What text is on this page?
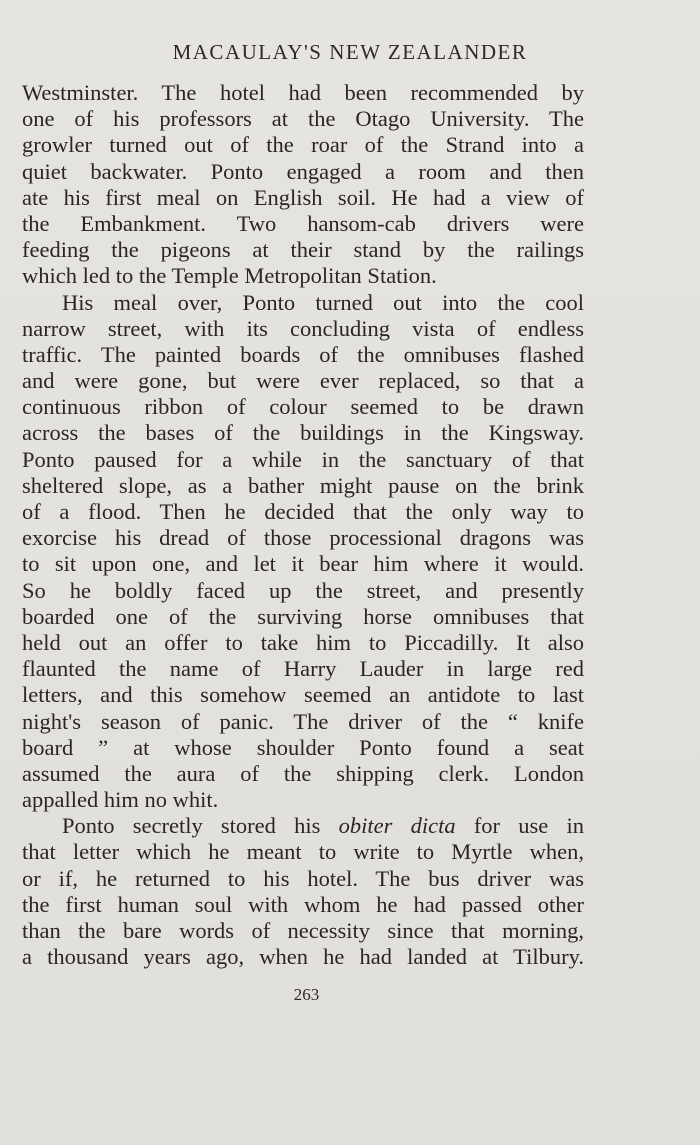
MACAULAY'S NEW ZEALANDER
Westminster. The hotel had been recommended by
one of his professors at the Otago University. The
growler turned out of the roar of the Strand into a
quiet backwater. Ponto engaged a room and then
ate his first meal on English soil. He had a view of
the Embankment. Two hansom-cab drivers were
feeding the pigeons at their stand by the railings
which led to the Temple Metropolitan Station.
His meal over, Ponto turned out into the cool
narrow street, with its concluding vista of endless
traffic. The painted boards of the omnibuses flashed
and were gone, but were ever replaced, so that a
continuous ribbon of colour seemed to be drawn
across the bases of the buildings in the Kingsway.
Ponto paused for a while in the sanctuary of that
sheltered slope, as a bather might pause on the brink
of a flood. Then he decided that the only way to
exorcise his dread of those processional dragons was
to sit upon one, and let it bear him where it would.
So he boldly faced up the street, and presently
boarded one of the surviving horse omnibuses that
held out an offer to take him to Piccadilly. It also
flaunted the name of Harry Lauder in large red
letters, and this somehow seemed an antidote to last
night's season of panic. The driver of the “ knife
board ” at whose shoulder Ponto found a seat
assumed the aura of the shipping clerk. London
appalled him no whit.
Ponto secretly stored his obiter dicta for use in
that letter which he meant to write to Myrtle when,
or if, he returned to his hotel. The bus driver was
the first human soul with whom he had passed other
than the bare words of necessity since that morning,
a thousand years ago, when he had landed at Tilbury.
263
